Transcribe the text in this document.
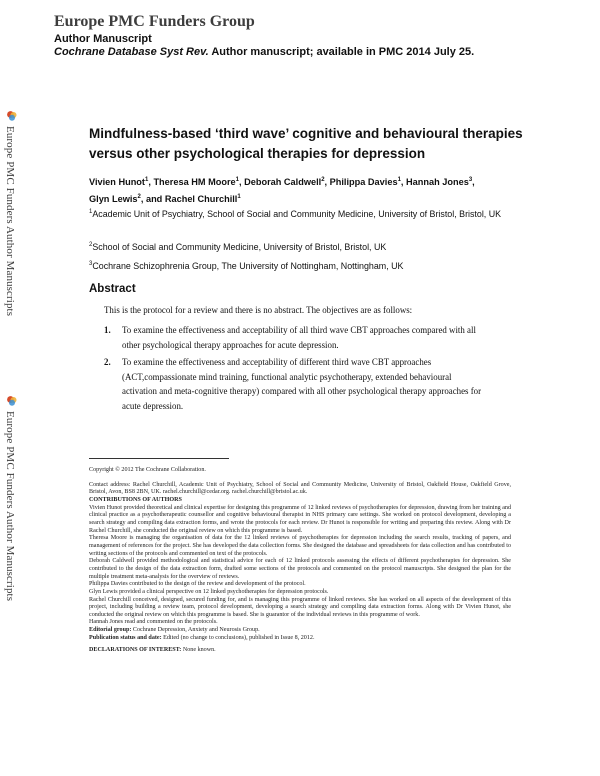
Europe PMC Funders Group
Author Manuscript
Cochrane Database Syst Rev. Author manuscript; available in PMC 2014 July 25.
Europe PMC Funders Author Manuscripts
Europe PMC Funders Author Manuscripts
Mindfulness-based ‘third wave’ cognitive and behavioural therapies versus other psychological therapies for depression
Vivien Hunot$^1$, Theresa HM Moore$^1$, Deborah Caldwell$^2$, Philippa Davies$^1$, Hannah Jones$^3$,
Glyn Lewis$^2$, and Rachel Churchill$^1$
$^1$Academic Unit of Psychiatry, School of Social and Community Medicine, University of Bristol, Bristol, UK
$^2$School of Social and Community Medicine, University of Bristol, Bristol, UK
$^3$Cochrane Schizophrenia Group, The University of Nottingham, Nottingham, UK
Abstract
This is the protocol for a review and there is no abstract. The objectives are as follows:
1. To examine the effectiveness and acceptability of all third wave CBT approaches compared with all other psychological therapy approaches for acute depression.
2. To examine the effectiveness and acceptability of different third wave CBT approaches (ACT,compassionate mind training, functional analytic psychotherapy, extended behavioural activation and meta-cognitive therapy) compared with all other psychological therapy approaches for acute depression.

Copyright © 2012 The Cochrane Collaboration.

Contact address: Rachel Churchill, Academic Unit of Psychiatry, School of Social and Community Medicine, University of Bristol, Oakfield House, Oakfield Grove, Bristol, Avon, BS8 2BN, UK. rachel.churchill@cedar.org. rachel.churchill@bristol.ac.uk.

CONTRIBUTIONS OF AUTHORS

Vivien Hunot provided theoretical and clinical expertise for designing this programme of 12 linked reviews of psychotherapies for depression, drawing from her training and clinical practice as a psychotherapeutic counsellor and cognitive behavioural therapist in NHS primary care settings. She worked on protocol development, developing a search strategy and compiling data extraction forms, and wrote the protocols for each review. Dr Hunot is responsible for writing and preparing this review. Along with Dr Rachel Churchill, she conducted the original review on which this programme is based.

Theresa Moore is managing the organisation of data for the 12 linked reviews of psychotherapies for depression including the search results, tracking of papers, and management of references for the project. She has developed the data collection forms. She designed the database and spreadsheets for data collection and has contributed to writing sections of the protocols and commented on text of the protocols.

Deborah Caldwell provided methodological and statistical advice for each of 12 linked protocols assessing the effects of different psychotherapies for depression. She contributed to the design of the data extraction form, drafted some sections of the protocols and commented on the protocol manuscripts. She designed the plan for the multiple treatment meta-analysis for the overview of reviews.

Philippa Davies contributed to the design of the review and development of the protocol.

Glyn Lewis provided a clinical perspective on 12 linked psychotherapies for depression protocols.

Rachel Churchill conceived, designed, secured funding for, and is managing this programme of linked reviews. She has worked on all aspects of the development of this project, including building a review team, protocol development, developing a search strategy and compiling data extraction forms. Along with Dr Vivien Hunot, she conducted the original review on which this programme is based. She is guarantor of the individual reviews in this programme of work.

Hannah Jones read and commented on the protocols.

Editorial group: Cochrane Depression, Anxiety and Neurosis Group.

Publication status and date: Edited (no change to conclusions), published in Issue 8, 2012.

DECLARATIONS OF INTEREST: None known.
